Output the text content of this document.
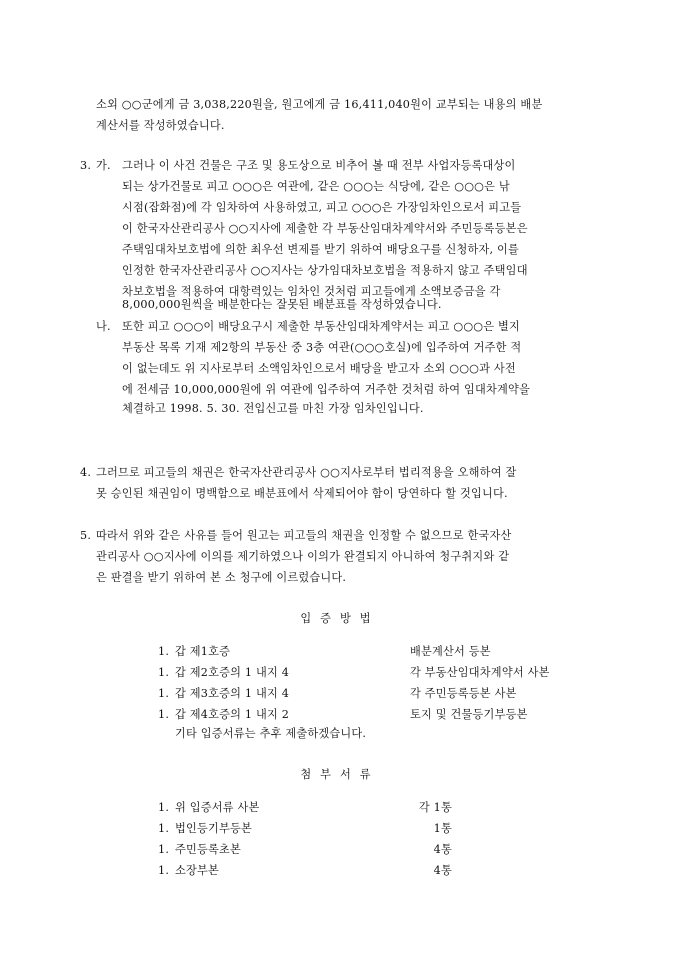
소외 ○○군에게 금 3,038,220원을, 원고에게 금 16,411,040원이 교부되는 내용의 배분
계산서를 작성하였습니다.
3. 가. 그러나 이 사건 건물은 구조 및 용도상으로 비추어 볼 때 전부 사업자등록대상이
되는 상가건물로 피고 ○○○은 여관에, 같은 ○○○는 식당에, 같은 ○○○은 낚
시점(잡화점)에 각 임차하여 사용하였고, 피고 ○○○은 가장임차인으로서 피고들
이 한국자산관리공사 ○○지사에 제출한 각 부동산임대차계약서와 주민등록등본은
주택임대차보호법에 의한 최우선 변제를 받기 위하여 배당요구를 신청하자, 이를
인정한 한국자산관리공사 ○○지사는 상가임대차보호법을 적용하지 않고 주택임대
차보호법을 적용하여 대항력있는 임차인 것처럼 피고들에게 소액보증금을 각
8,000,000원씩을 배분한다는 잘못된 배분표를 작성하였습니다.
나. 또한 피고 ○○○이 배당요구시 제출한 부동산임대차계약서는 피고 ○○○은 별지
부동산 목록 기재 제2항의 부동산 중 3층 여관(○○○호실)에 입주하여 거주한 적
이 없는데도 위 지사로부터 소액임차인으로서 배당을 받고자 소외 ○○○과 사전
에 전세금 10,000,000원에 위 여관에 입주하여 거주한 것처럼 하여 임대차계약을
체결하고 1998. 5. 30. 전입신고를 마친 가장 임차인입니다.
4. 그러므로 피고들의 채권은 한국자산관리공사 ○○지사로부터 법리적용을 오해하여 잘
못 승인된 채권임이 명백함으로 배분표에서 삭제되어야 함이 당연하다 할 것입니다.
5. 따라서 위와 같은 사유를 들어 원고는 피고들의 채권을 인정할 수 없으므로 한국자산
관리공사 ○○지사에 이의를 제기하였으나 이의가 완결되지 아니하여 청구취지와 같
은 판결을 받기 위하여 본 소 청구에 이르렀습니다.
입증방법
1. 갑 제1호증	배분계산서 등본
1. 갑 제2호증의 1 내지 4	각 부동산임대차계약서 사본
1. 갑 제3호증의 1 내지 4	각 주민등록등본 사본
1. 갑 제4호증의 1 내지 2	토지 및 건물등기부등본
기타 입증서류는 추후 제출하겠습니다.
첨부서류
1. 위 입증서류 사본	각 1통
1. 법인등기부등본	1통
1. 주민등록초본	4통
1. 소장부본	4통
